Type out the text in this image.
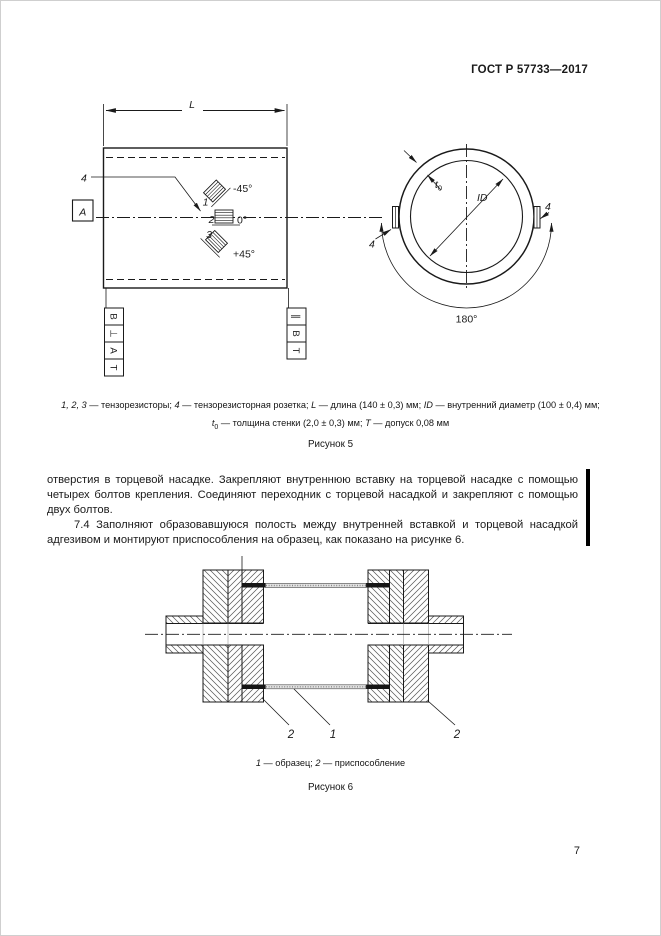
ГОСТ Р 57733—2017
L
4
А
1
2
3
-45°
0°
+45°
$t_0$
ID
180°
4
4
В
⊥
А
Т
∥
В
Т
1, 2, 3 — тензорезисторы; 4 — тензорезисторная розетка; L — длина (140 ± 0,3) мм; ID — внутренний диаметр (100 ± 0,4) мм;
$t_0$ — толщина стенки (2,0 ± 0,3) мм; Т — допуск 0,08 мм
Рисунок 5

отверстия в торцевой насадке. Закрепляют внутреннюю вставку на торцевой насадке с помощью четырех болтов крепления. Соединяют переходник с торцевой насадкой и закрепляют с помощью двух болтов.

7.4 Заполняют образовавшуюся полость между внутренней вставкой и торцевой насадкой адгезивом и монтируют приспособления на образец, как показано на рисунке 6.

2	1	2
1 — образец; 2 — приспособление
Рисунок 6
7
